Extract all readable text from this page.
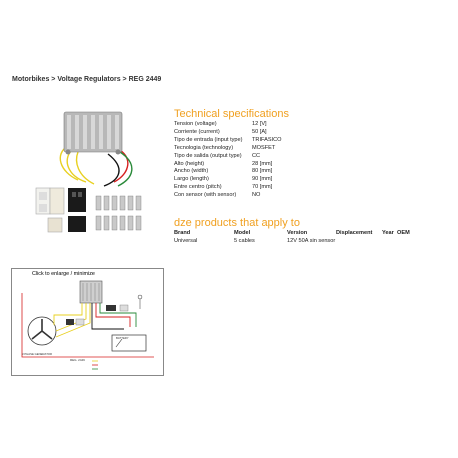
Motorbikes > Voltage Regulators > REG 2449
Technical specifications
Tension (voltage)	12 [V]
Corriente (current)	50 [A]
Tipo de entrada (input type)	TRIFASICO
Tecnologia (technology)	MOSFET
Tipo de salida (output type)	CC
Alto (height)	28 [mm]
Ancho (width)	80 [mm]
Largo (length)	90 [mm]
Entre centro (pitch)	70 [mm]
Con sensor (with sensor)	NO
dze products that apply to
Brand	Model	Version	Displacement	Year	OEM
Universal	5 cables	12V 50A sin sensor			
3 PHASE GENERATOR
REG. 2449
BATTERY
Click to enlarge / minimize
